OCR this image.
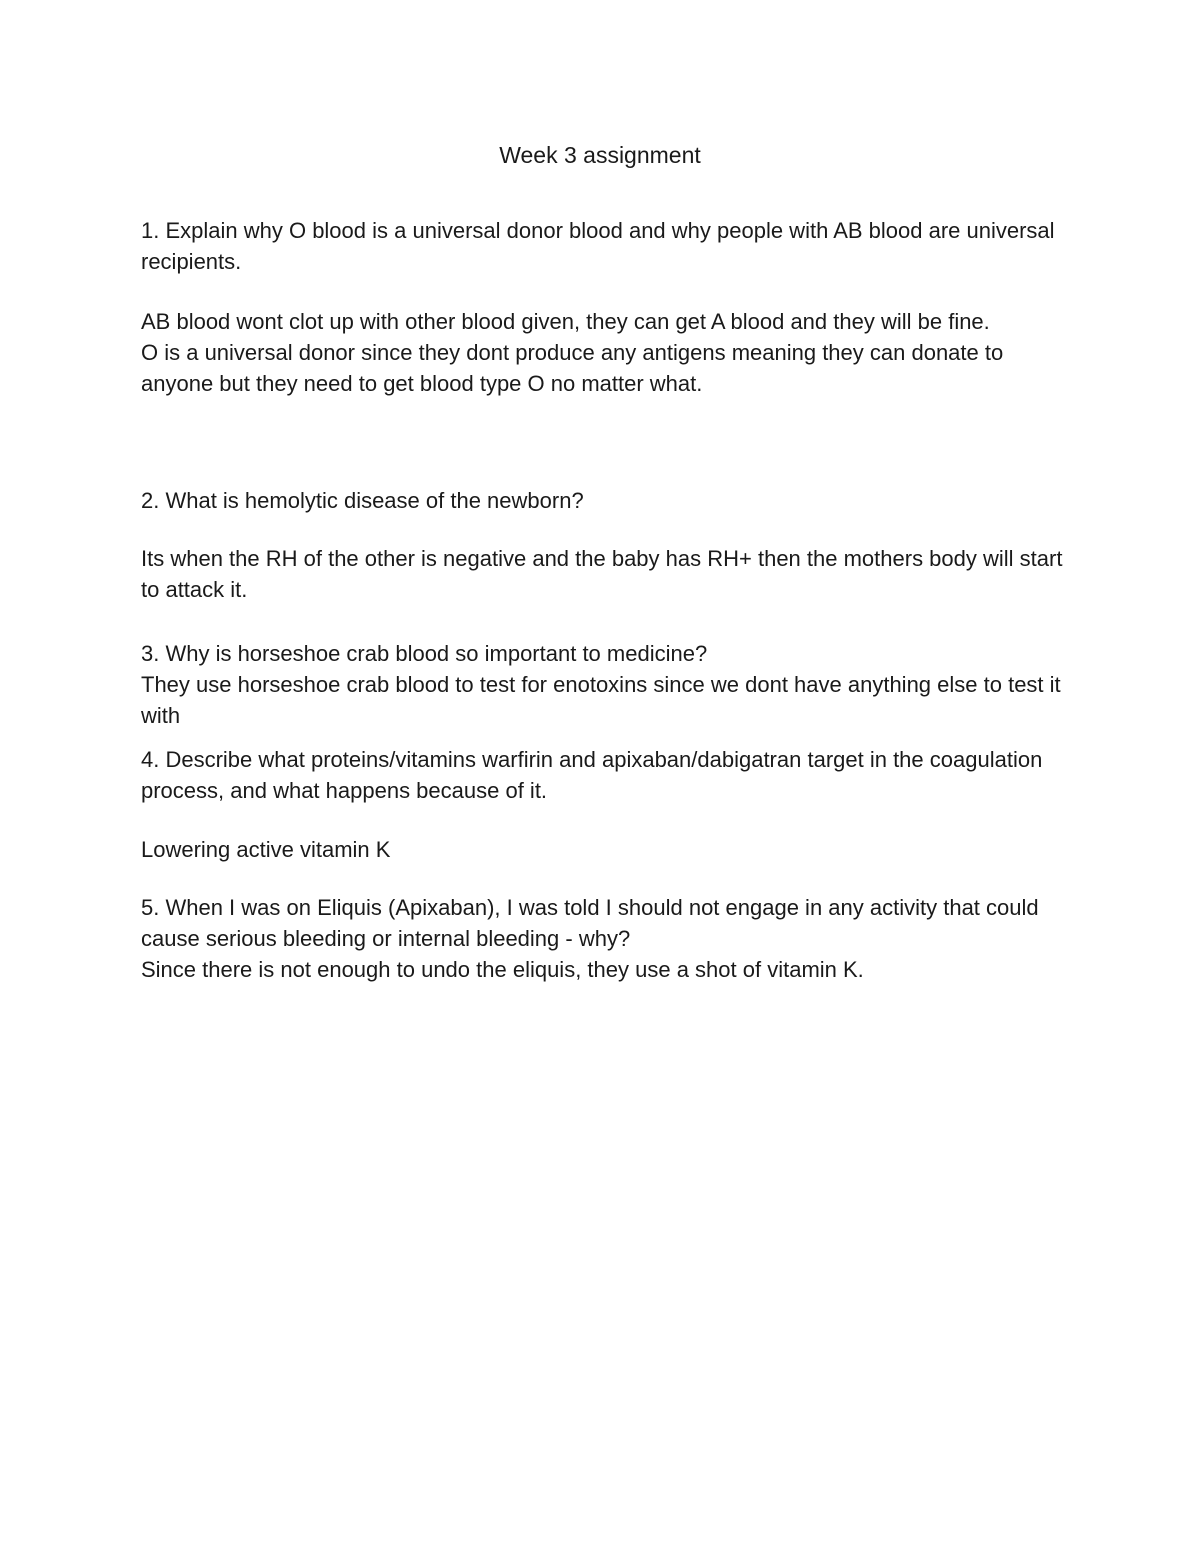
Week 3 assignment

1. Explain why O blood is a universal donor blood and why people with AB blood are universal recipients.

AB blood wont clot up with other blood given, they can get A blood and they will be fine.

O is a universal donor since they dont produce any antigens meaning they can donate to anyone but they need to get blood type O no matter what.

2. What is hemolytic disease of the newborn?

Its when the RH of the other is negative and the baby has RH+ then the mothers body will start to attack it.

3. Why is horseshoe crab blood so important to medicine?

They use horseshoe crab blood to test for enotoxins since we dont have anything else to test it with

4. Describe what proteins/vitamins warfirin and apixaban/dabigatran target in the coagulation process, and what happens because of it.

Lowering active vitamin K

5. When I was on Eliquis (Apixaban), I was told I should not engage in any activity that could cause serious bleeding or internal bleeding - why?

Since there is not enough to undo the eliquis, they use a shot of vitamin K.
